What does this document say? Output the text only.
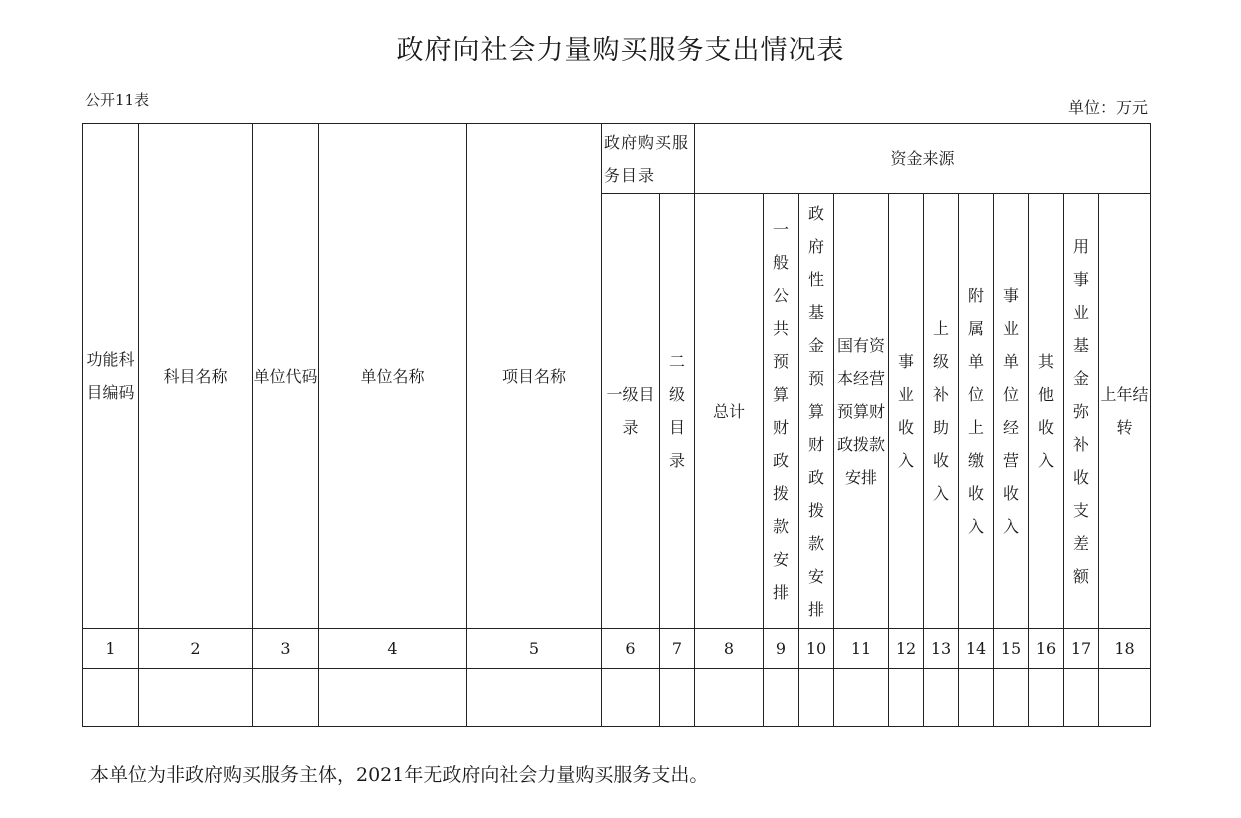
政府向社会力量购买服务支出情况表
公开11表	单位：万元
功能科目编码	科目名称	单位代码	单位名称	项目名称	政府购买服务目录		资金来源										
					一级目录	二级目录	总计	一般公共预算财政拨款安排	政府性基金预算财政拨款安排	国有资本经营预算财政拨款安排	事业收入	上级补助收入	附属单位上缴收入	事业单位经营收入	其他收入	用事业基金弥补收支差额	上年结转
1	2	3	4	5	6	7	8	9	10	11	12	13	14	15	16	17	18

本单位为非政府购买服务主体，2021年无政府向社会力量购买服务支出。
